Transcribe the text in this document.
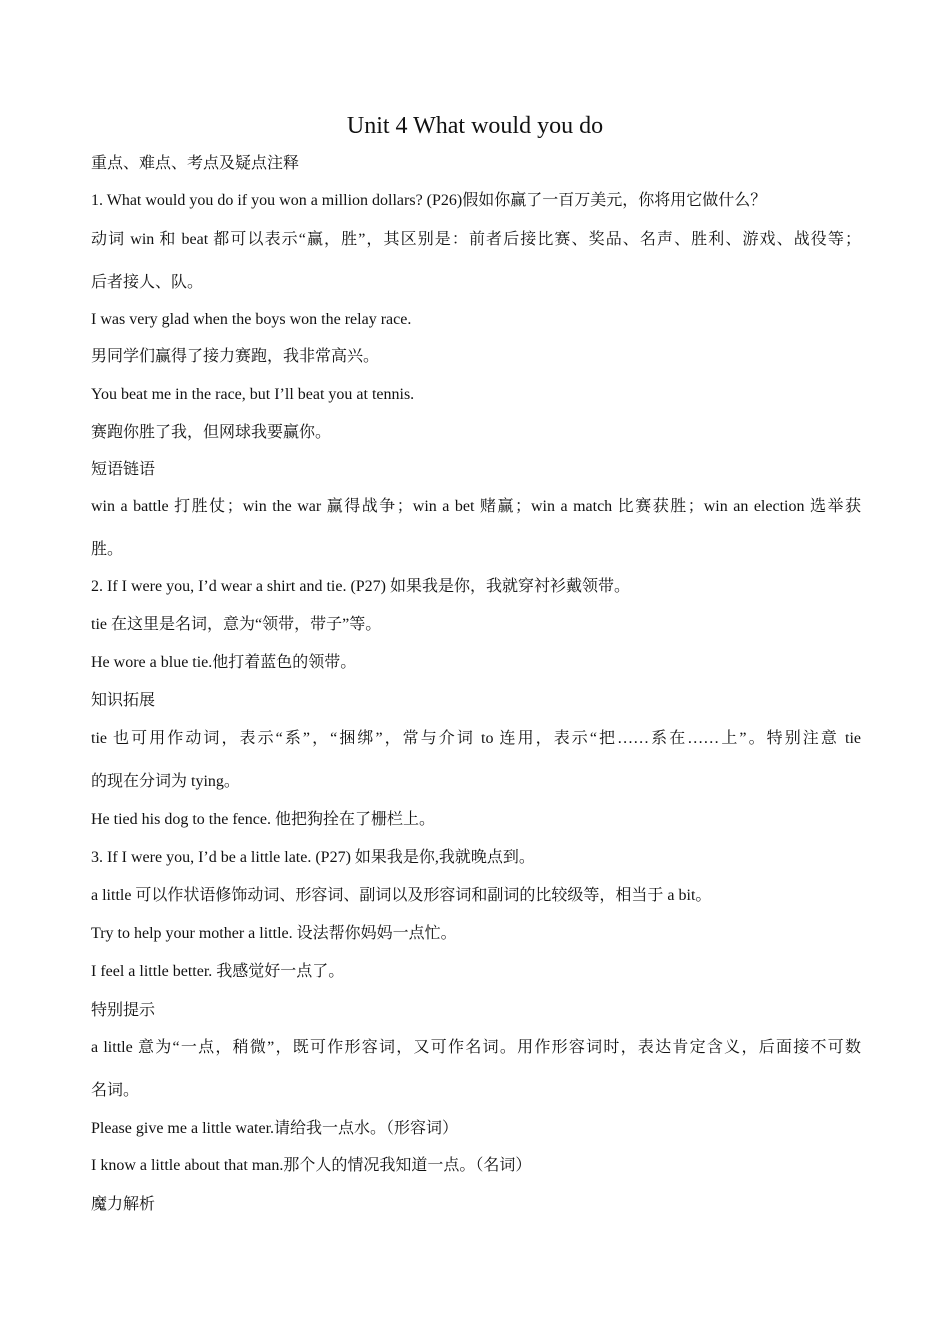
Unit 4 What would you do
重点、难点、考点及疑点注释
1. What would you do if you won a million dollars? (P26)假如你赢了一百万美元，你将用它做什么？
动词 win 和 beat 都可以表示“赢，胜”，其区别是：前者后接比赛、奖品、名声、胜利、游戏、战役等；
后者接人、队。
I was very glad when the boys won the relay race.
男同学们赢得了接力赛跑，我非常高兴。
You beat me in the race, but I’ll beat you at tennis.
赛跑你胜了我，但网球我要赢你。
短语链语
win a battle 打胜仗；win the war 赢得战争；win a bet 赌赢；win a match 比赛获胜；win an election 选举获
胜。
2. If I were you, I’d wear a shirt and tie. (P27) 如果我是你，我就穿衬衫戴领带。
tie 在这里是名词，意为“领带，带子”等。
He wore a blue tie.他打着蓝色的领带。
知识拓展
tie 也可用作动词，表示“系”，“捆绑”，常与介词 to 连用，表示“把……系在……上”。特别注意 tie
的现在分词为 tying。
He tied his dog to the fence. 他把狗拴在了栅栏上。
3. If I were you, I’d be a little late. (P27) 如果我是你,我就晚点到。
a little 可以作状语修饰动词、形容词、副词以及形容词和副词的比较级等，相当于 a bit。
Try to help your mother a little. 设法帮你妈妈一点忙。
I feel a little better. 我感觉好一点了。
特别提示
a little 意为“一点，稍微”，既可作形容词，又可作名词。用作形容词时，表达肯定含义，后面接不可数
名词。
Please give me a little water.请给我一点水。（形容词）
I know a little about that man.那个人的情况我知道一点。（名词）
魔力解析
